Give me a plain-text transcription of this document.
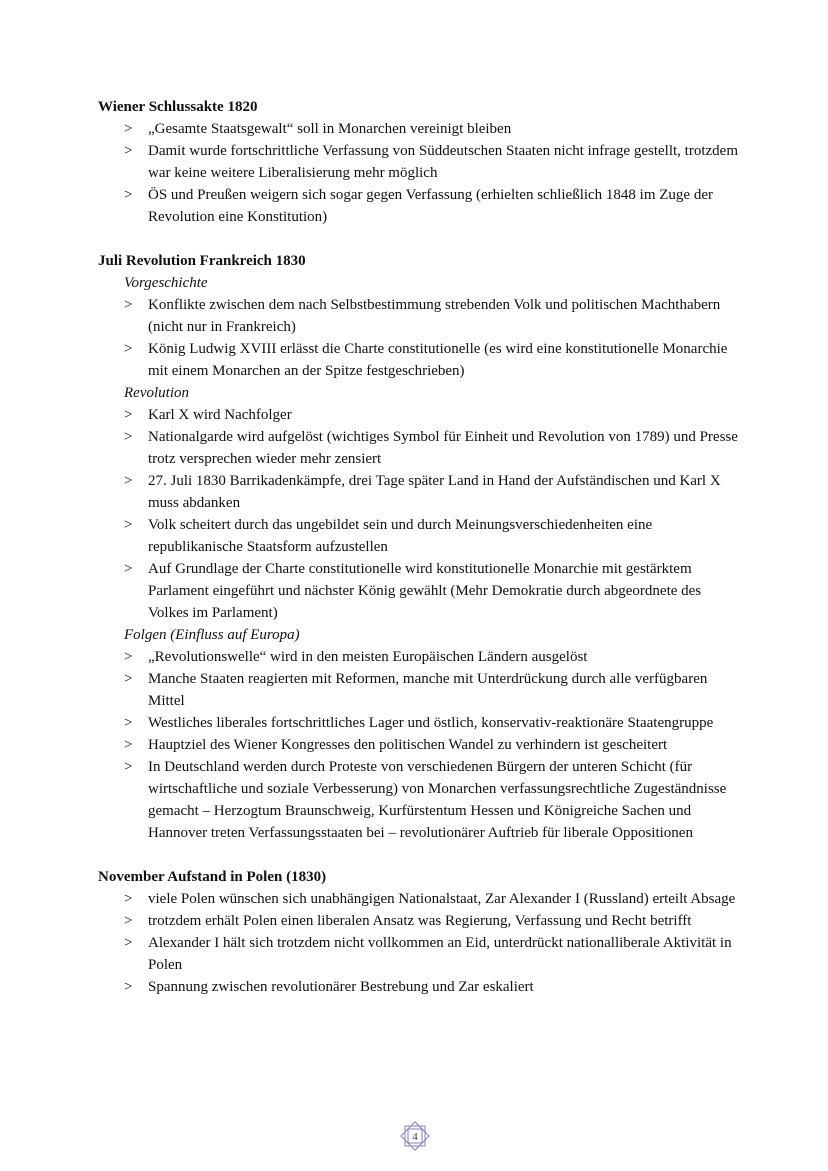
Wiener Schlussakte 1820

> „Gesamte Staatsgewalt“ soll in Monarchen vereinigt bleiben
> Damit wurde fortschrittliche Verfassung von Süddeutschen Staaten nicht infrage gestellt, trotzdem war keine weitere Liberalisierung mehr möglich
> ÖS und Preußen weigern sich sogar gegen Verfassung (erhielten schließlich 1848 im Zuge der Revolution eine Konstitution)

Juli Revolution Frankreich 1830

Vorgeschichte
> Konflikte zwischen dem nach Selbstbestimmung strebenden Volk und politischen Machthabern (nicht nur in Frankreich)
> König Ludwig XVIII erlässt die Charte constitutionelle (es wird eine konstitutionelle Monarchie mit einem Monarchen an der Spitze festgeschrieben)
Revolution
> Karl X wird Nachfolger
> Nationalgarde wird aufgelöst (wichtiges Symbol für Einheit und Revolution von 1789) und Presse trotz versprechen wieder mehr zensiert
> 27. Juli 1830 Barrikadenkämpfe, drei Tage später Land in Hand der Aufständischen und Karl X muss abdanken
> Volk scheitert durch das ungebildet sein und durch Meinungsverschiedenheiten eine republikanische Staatsform aufzustellen
> Auf Grundlage der Charte constitutionelle wird konstitutionelle Monarchie mit gestärktem Parlament eingeführt und nächster König gewählt (Mehr Demokratie durch abgeordnete des Volkes im Parlament)
Folgen (Einfluss auf Europa)
> „Revolutionswelle“ wird in den meisten Europäischen Ländern ausgelöst
> Manche Staaten reagierten mit Reformen, manche mit Unterdrückung durch alle verfügbaren Mittel
> Westliches liberales fortschrittliches Lager und östlich, konservativ-reaktionäre Staatengruppe
> Hauptziel des Wiener Kongresses den politischen Wandel zu verhindern ist gescheitert
> In Deutschland werden durch Proteste von verschiedenen Bürgern der unteren Schicht (für wirtschaftliche und soziale Verbesserung) von Monarchen verfassungsrechtliche Zugeständnisse gemacht – Herzogtum Braunschweig, Kurfürstentum Hessen und Königreiche Sachen und Hannover treten Verfassungsstaaten bei – revolutionärer Auftrieb für liberale Oppositionen

November Aufstand in Polen (1830)

> viele Polen wünschen sich unabhängigen Nationalstaat, Zar Alexander I (Russland) erteilt Absage
> trotzdem erhält Polen einen liberalen Ansatz was Regierung, Verfassung und Recht betrifft
> Alexander I hält sich trotzdem nicht vollkommen an Eid, unterdrückt nationalliberale Aktivität in Polen
> Spannung zwischen revolutionärer Bestrebung und Zar eskaliert
4
